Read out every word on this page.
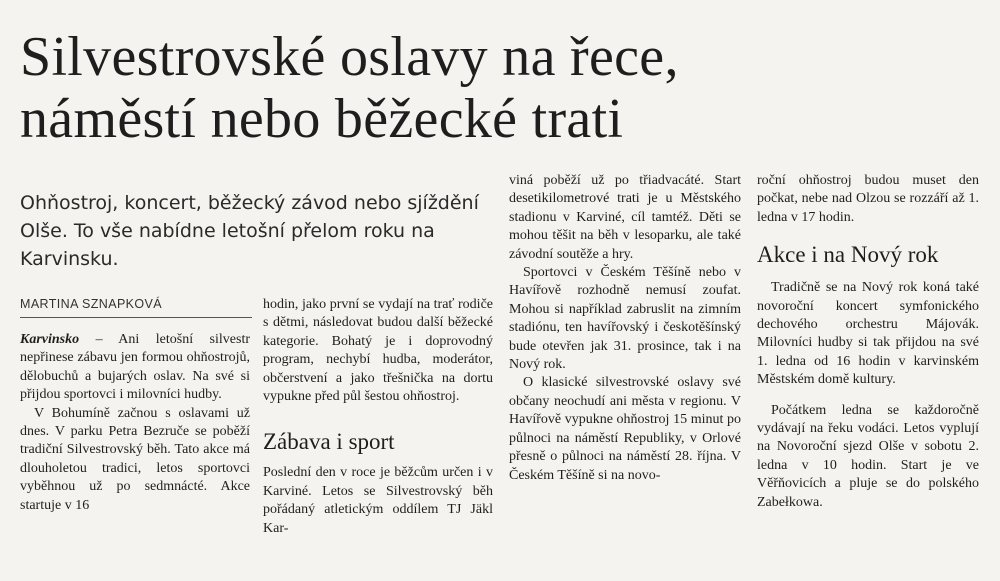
Silvestrovské oslavy na řece,
náměstí nebo běžecké trati

Ohňostroj, koncert, běžecký závod nebo sjíždění Olše. To vše nabídne letošní přelom roku na Karvinsku.

MARTINA SZNAPKOVÁ

Karvinsko – Ani letošní silvestr nepřinese zábavu jen formou ohňostrojů, dělobuchů a bujarých oslav. Na své si přijdou sportovci i milovníci hudby.

V Bohumíně začnou s oslavami už dnes. V parku Petra Bezruče se poběží tradiční Silvestrovský běh. Tato akce má dlouholetou tradici, letos sportovci vyběhnou už po sedmnácté. Akce startuje v 16

hodin, jako první se vydají na trať rodiče s dětmi, následovat budou další běžecké kategorie. Bohatý je i doprovodný program, nechybí hudba, moderátor, občerstvení a jako třešnička na dortu vypukne před půl šestou ohňostroj.

Zábava i sport

Poslední den v roce je běžcům určen i v Karviné. Letos se Silvestrovský běh pořádaný atletickým oddílem TJ Jäkl Kar-

viná poběží už po třiadvacáté. Start desetikilometrové trati je u Městského stadionu v Karviné, cíl tamtéž. Děti se mohou těšit na běh v lesoparku, ale také závodní soutěže a hry.

Sportovci v Českém Těšíně nebo v Havířově rozhodně nemusí zoufat. Mohou si například zabruslit na zimním stadiónu, ten havířovský i českotěšínský bude otevřen jak 31. prosince, tak i na Nový rok.

O klasické silvestrovské oslavy své občany neochudí ani města v regionu. V Havířově vypukne ohňostroj 15 minut po půlnoci na náměstí Republiky, v Orlové přesně o půlnoci na náměstí 28. října. V Českém Těšíně si na novo-

roční ohňostroj budou muset den počkat, nebe nad Olzou se rozzáří až 1. ledna v 17 hodin.

Akce i na Nový rok

Tradičně se na Nový rok koná také novoroční koncert symfonického dechového orchestru Májovák. Milovníci hudby si tak přijdou na své 1. ledna od 16 hodin v karvinském Městském domě kultury.

Počátkem ledna se každoročně vydávají na řeku vodáci. Letos vyplují na Novoroční sjezd Olše v sobotu 2. ledna v 10 hodin. Start je ve Věřňovicích a pluje se do polského Zabełkowa.
